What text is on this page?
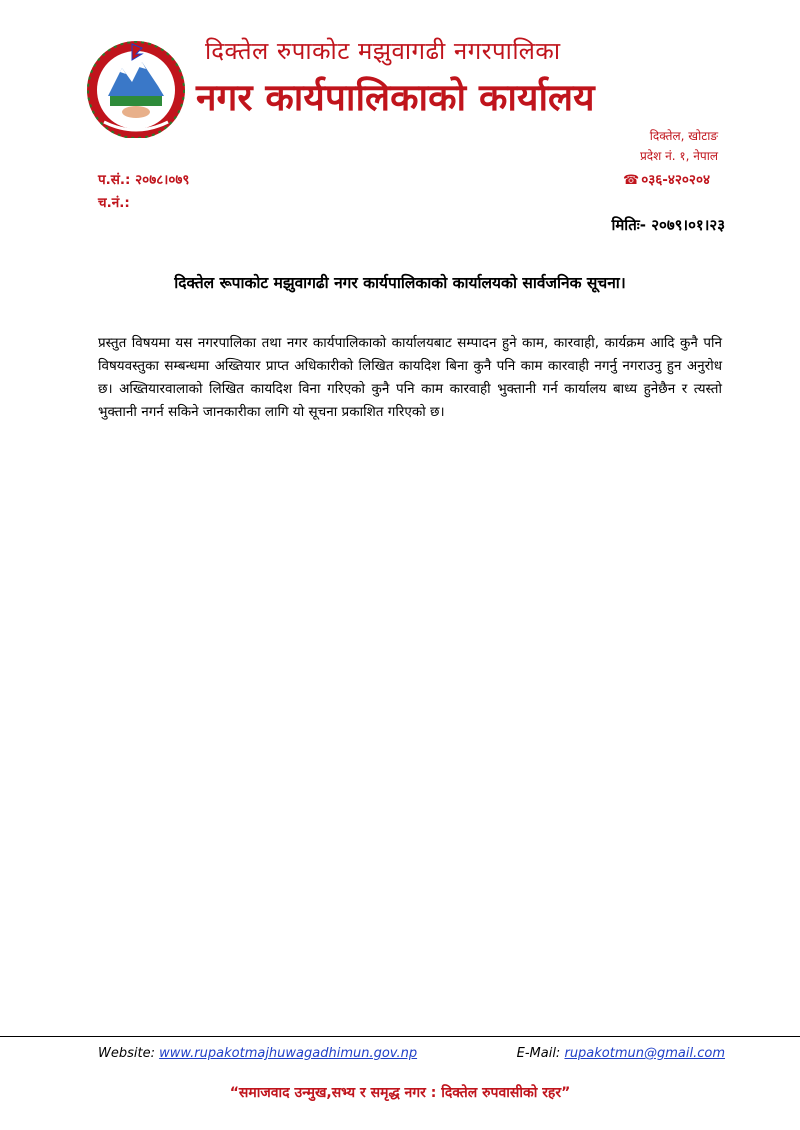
दिक्तेल रुपाकोट मझुवागढी नगरपालिका
नगर कार्यपालिकाको कार्यालय
दिक्तेल, खोटाङ
प्रदेश नं. १, नेपाल
प.सं.: २०७८।०७९
च.नं.:
☎ ०३६-४२०२०४
मितिः- २०७९।०१।२३
दिक्तेल रूपाकोट मझुवागढी नगर कार्यपालिकाको कार्यालयको सार्वजनिक सूचना।
प्रस्तुत विषयमा यस नगरपालिका तथा नगर कार्यपालिकाको कार्यालयबाट सम्पादन हुने काम, कारवाही, कार्यक्रम आदि कुनै पनि विषयवस्तुका सम्बन्धमा अख्तियार प्राप्त अधिकारीको लिखित कायदिश बिना कुनै पनि काम कारवाही नगर्नु नगराउनु हुन अनुरोध छ। अख्तियारवालाको लिखित कायदिश विना गरिएको कुनै पनि काम कारवाही भुक्तानी गर्न कार्यालय बाध्य हुनेछैन र त्यस्तो भुक्तानी नगर्न सकिने जानकारीका लागि यो सूचना प्रकाशित गरिएको छ।
Website: www.rupakotmajhuwagadhimun.gov.np	E-Mail: rupakotmun@gmail.com
“समाजवाद उन्मुख,सभ्य र समृद्ध नगर : दिक्तेल रुपवासीको रहर”
